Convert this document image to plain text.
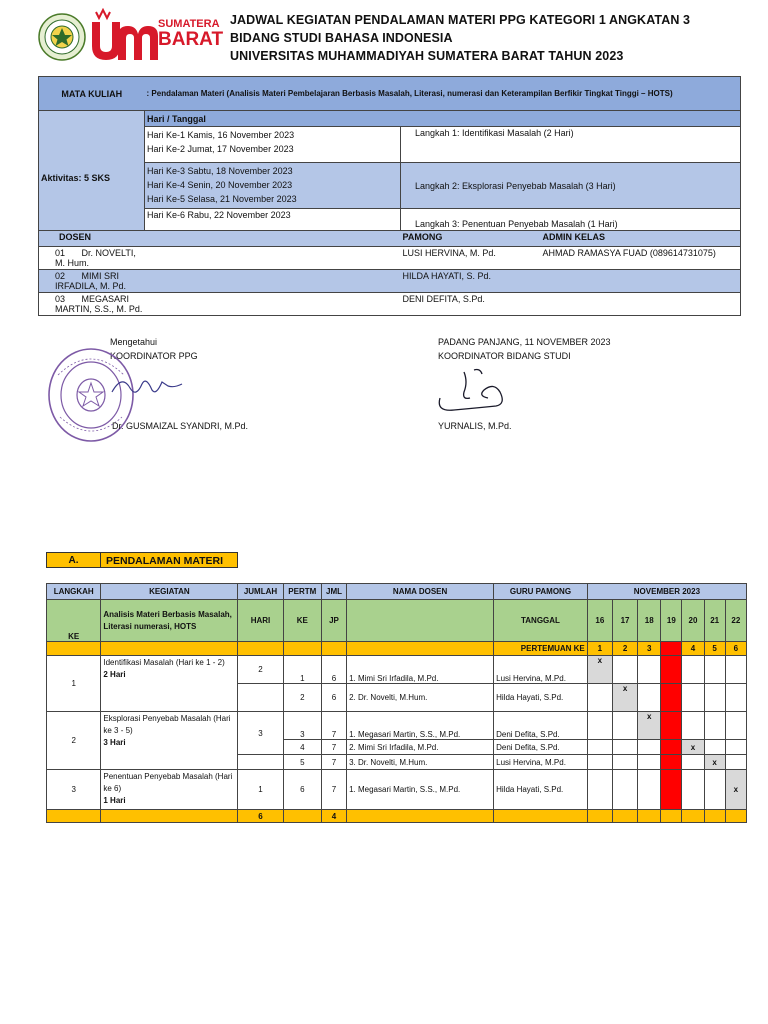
SUMATERA
BARAT
JADWAL KEGIATAN PENDALAMAN MATERI PPG KATEGORI 1 ANGKATAN 3
BIDANG STUDI BAHASA INDONESIA
UNIVERSITAS MUHAMMADIYAH SUMATERA BARAT TAHUN 2023
MATA KULIAH	: Pendalaman Materi (Analisis Materi Pembelajaran Berbasis Masalah, Literasi, numerasi dan Keterampilan Berfikir Tingkat Tinggi – HOTS)		
	Hari / Tanggal		
Aktivitas: 5 SKS	Hari Ke-1 Kamis, 16 November 2023
Hari Ke-2 Jumat, 17 November 2023	Langkah 1: Identifikasi Masalah (2 Hari)	

	Hari Ke-3 Sabtu, 18 November 2023
Hari Ke-4 Senin, 20 November 2023
Hari Ke-5 Selasa, 21 November 2023	Langkah 2: Eksplorasi Penyebab Masalah (3 Hari)	
	Hari Ke-6 Rabu, 22 November 2023	Langkah 3: Penentuan Penyebab Masalah (1 Hari)	
DOSEN		PAMONG	ADMIN KELAS
01 Dr. NOVELTI, M. Hum.		LUSI HERVINA, M. Pd.	AHMAD RAMASYA FUAD (089614731075)
02 MIMI SRI IRFADILA, M. Pd.		HILDA HAYATI, S. Pd.	
03 MEGASARI MARTIN, S.S., M. Pd.		DENI DEFITA, S.Pd.	
Mengetahui
KOORDINATOR PPG
Dr. GUSMAIZAL SYANDRI, M.Pd.
PADANG PANJANG, 11 NOVEMBER 2023
KOORDINATOR BIDANG STUDI
YURNALIS, M.Pd.
A.	PENDALAMAN MATERI
LANGKAH	KEGIATAN	JUMLAH	PERTM	JML	NAMA DOSEN	GURU PAMONG	NOVEMBER 2023						
KE	Analisis Materi Berbasis Masalah, Literasi numerasi, HOTS	HARI	KE	JP		TANGGAL	16	17	18	19	20	21	22
						PERTEMUAN KE	1	2	3		4	5	6
1	Identifikasi Masalah (Hari ke 1 - 2)
2 Hari	2	1	6	1. Mimi Sri Irfadila, M.Pd.	Lusi Hervina, M.Pd.	x						
			2	6	2. Dr. Novelti, M.Hum.	Hilda Hayati, S.Pd.		x					
2	Eksplorasi Penyebab Masalah (Hari ke 3 - 5)
3 Hari	3	3	7	1. Megasari Martin, S.S., M.Pd.	Deni Defita, S.Pd.			x				
			4	7	2. Mimi Sri Irfadila, M.Pd.	Deni Defita, S.Pd.					x		
			5	7	3. Dr. Novelti, M.Hum.	Lusi Hervina, M.Pd.						x	
3	Penentuan Penyebab Masalah (Hari ke 6)
1 Hari	1	6	7	1. Megasari Martin, S.S., M.Pd.	Hilda Hayati, S.Pd.							x
		6		4									
